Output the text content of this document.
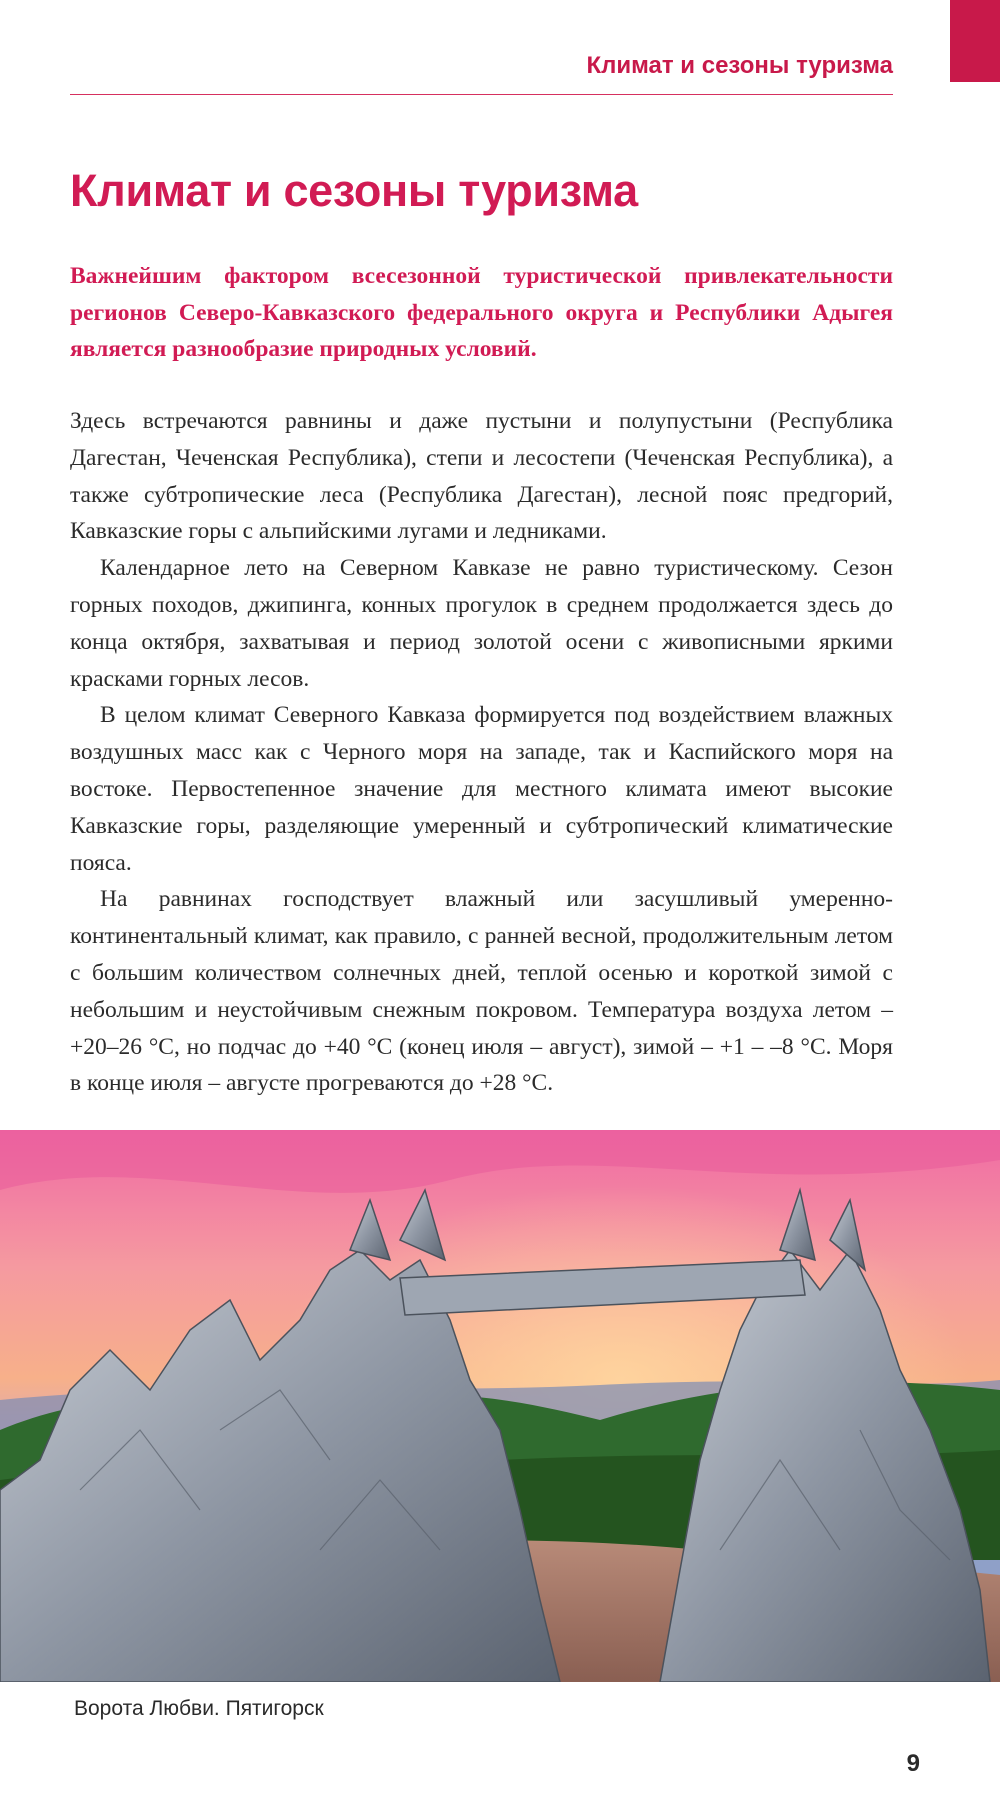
Климат и сезоны туризма

Климат и сезоны туризма

Важнейшим фактором всесезонной туристической привлекательности регионов Северо-Кавказского федерального округа и Республики Адыгея является разнообразие природных условий.

Здесь встречаются равнины и даже пустыни и полупустыни (Республика Дагестан, Чеченская Республика), степи и лесостепи (Чеченская Республика), а также субтропические леса (Республика Дагестан), лесной пояс предгорий, Кавказские горы с альпийскими лугами и ледниками.

Календарное лето на Северном Кавказе не равно туристическому. Сезон горных походов, джипинга, конных прогулок в среднем продолжается здесь до конца октября, захватывая и период золотой осени с живописными яркими красками горных лесов.

В целом климат Северного Кавказа формируется под воздействием влажных воздушных масс как с Черного моря на западе, так и Каспийского моря на востоке. Первостепенное значение для местного климата имеют высокие Кавказские горы, разделяющие умеренный и субтропический климатические пояса.

На равнинах господствует влажный или засушливый умеренно-континентальный климат, как правило, с ранней весной, продолжительным летом с большим количеством солнечных дней, теплой осенью и короткой зимой с небольшим и неустойчивым снежным покровом. Температура воздуха летом – +20–26 °C, но подчас до +40 °C (конец июля – август), зимой – +1 – –8 °C. Моря в конце июля – августе прогреваются до +28 °C.

Ворота Любви. Пятигорск

9
